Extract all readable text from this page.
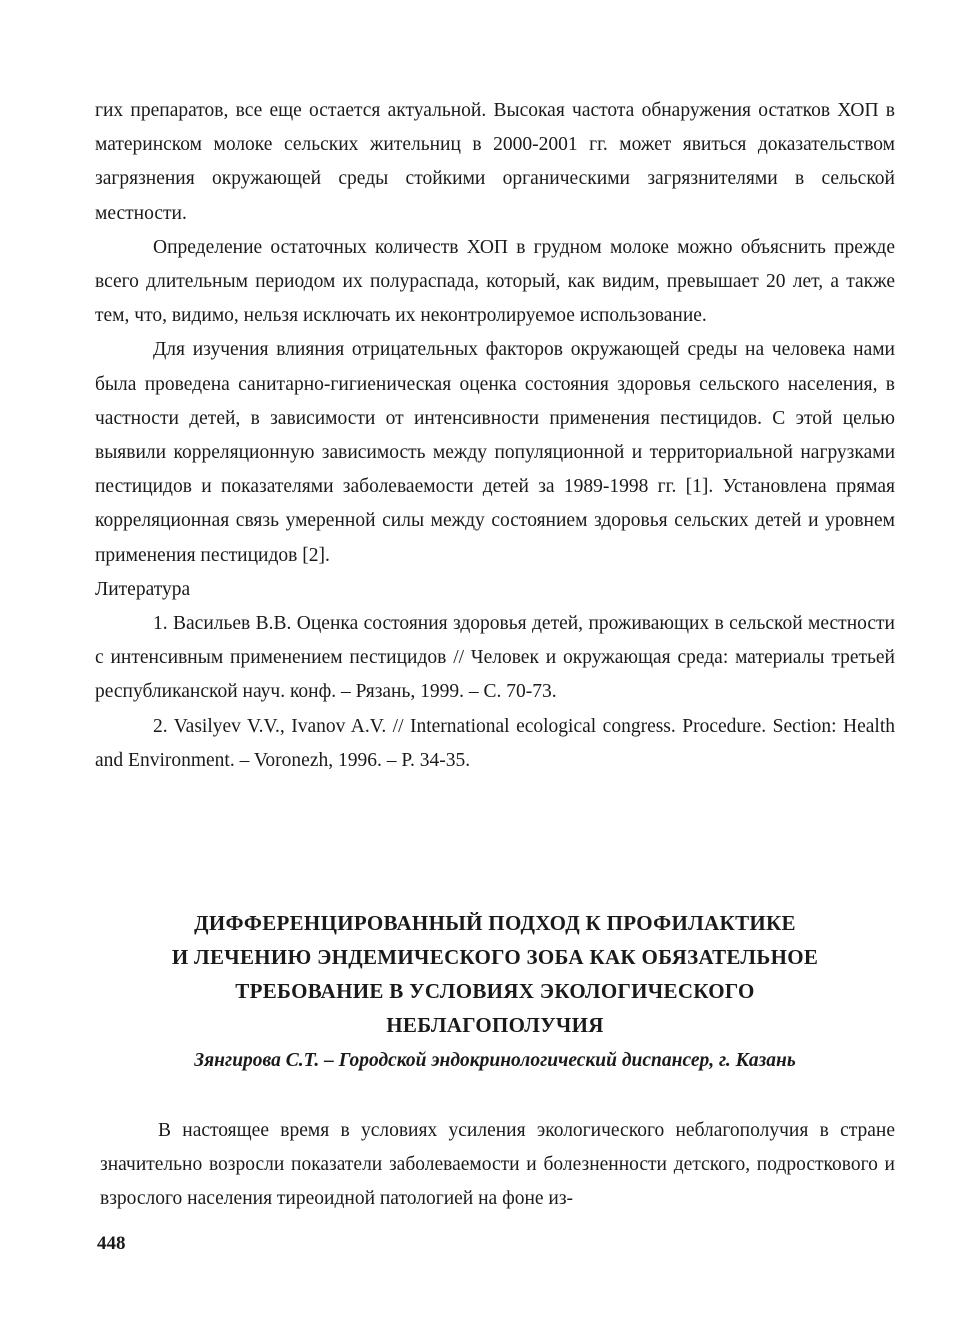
гих препаратов, все еще остается актуальной. Высокая частота обнаружения остатков ХОП в материнском молоке сельских жительниц в 2000-2001 гг. может явиться доказательством загрязнения окружающей среды стойкими органическими загрязнителями в сельской местности.

Определение остаточных количеств ХОП в грудном молоке можно объяснить прежде всего длительным периодом их полураспада, который, как видим, превышает 20 лет, а также тем, что, видимо, нельзя исключать их неконтролируемое использование.

Для изучения влияния отрицательных факторов окружающей среды на человека нами была проведена санитарно-гигиеническая оценка состояния здоровья сельского населения, в частности детей, в зависимости от интенсивности применения пестицидов. С этой целью выявили корреляционную зависимость между популяционной и территориальной нагрузками пестицидов и показателями заболеваемости детей за 1989-1998 гг. [1]. Установлена прямая корреляционная связь умеренной силы между состоянием здоровья сельских детей и уровнем применения пестицидов [2].

Литература

1. Васильев В.В. Оценка состояния здоровья детей, проживающих в сельской местности с интенсивным применением пестицидов // Человек и окружающая среда: материалы третьей республиканской науч. конф. – Рязань, 1999. – С. 70-73.

2. Vasilyev V.V., Ivanov A.V. // International ecological congress. Procedure. Section: Health and Environment. – Voronezh, 1996. – P. 34-35.

ДИФФЕРЕНЦИРОВАННЫЙ ПОДХОД К ПРОФИЛАКТИКЕ
И ЛЕЧЕНИЮ ЭНДЕМИЧЕСКОГО ЗОБА КАК ОБЯЗАТЕЛЬНОЕ
ТРЕБОВАНИЕ В УСЛОВИЯХ ЭКОЛОГИЧЕСКОГО
НЕБЛАГОПОЛУЧИЯ
Зянгирова С.Т. – Городской эндокринологический диспансер, г. Казань

В настоящее время в условиях усиления экологического неблагополучия в стране значительно возросли показатели заболеваемости и болезненности детского, подросткового и взрослого населения тиреоидной патологией на фоне из-

448
